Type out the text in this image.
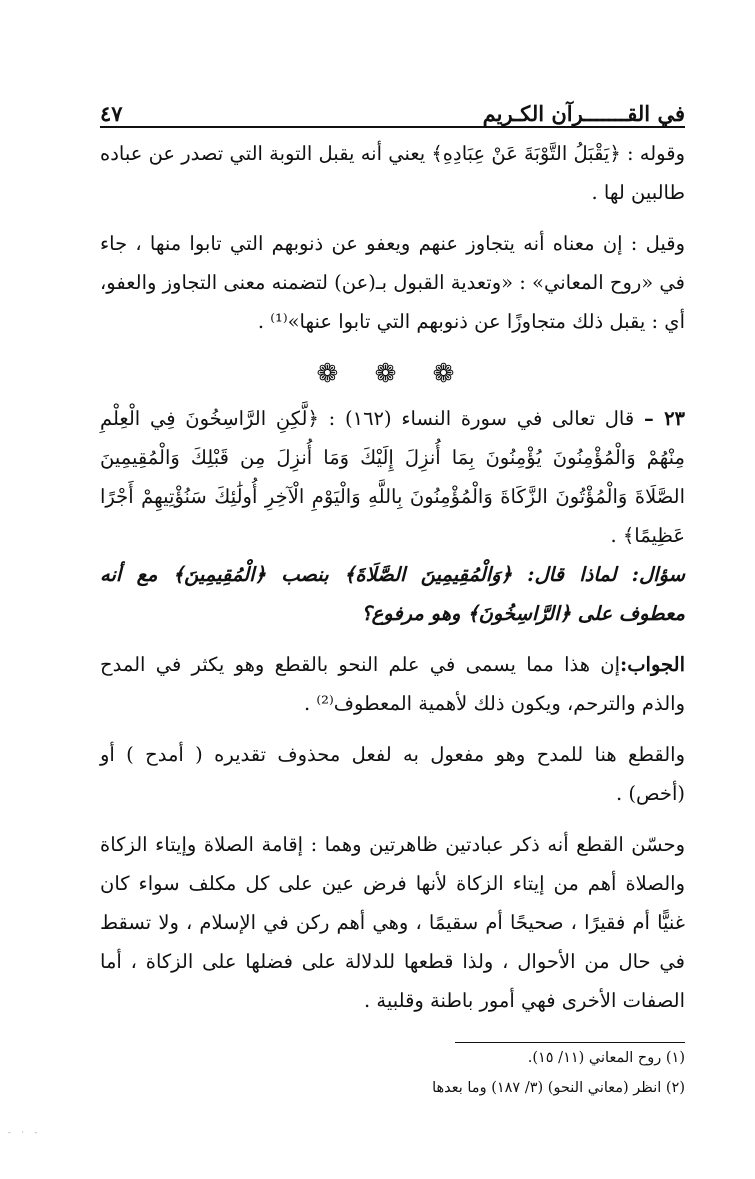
في القـــــــرآن الكـريم
٤٧

وقوله : ﴿يَقْبَلُ التَّوْبَةَ عَنْ عِبَادِهِ﴾ يعني أنه يقبل التوبة التي تصدر عن عباده طالبين لها .

وقيل : إن معناه أنه يتجاوز عنهم ويعفو عن ذنوبهم التي تابوا منها ، جاء في «روح المعاني» : «وتعدية القبول بـ(عن) لتضمنه معنى التجاوز والعفو، أي : يقبل ذلك متجاوزًا عن ذنوبهم التي تابوا عنها»⁽¹⁾ .

❁ ❁ ❁

٢٣ – قال تعالى في سورة النساء (١٦٢) : ﴿لَّكِنِ الرَّاسِخُونَ فِي الْعِلْمِ مِنْهُمْ وَالْمُؤْمِنُونَ يُؤْمِنُونَ بِمَا أُنزِلَ إِلَيْكَ وَمَا أُنزِلَ مِن قَبْلِكَ وَالْمُقِيمِينَ الصَّلَاةَ وَالْمُؤْتُونَ الزَّكَاةَ وَالْمُؤْمِنُونَ بِاللَّهِ وَالْيَوْمِ الْآخِرِ أُولَٰئِكَ سَنُؤْتِيهِمْ أَجْرًا عَظِيمًا﴾ .

سؤال: لماذا قال: ﴿وَالْمُقِيمِينَ الصَّلَاةَ﴾ بنصب ﴿الْمُقِيمِينَ﴾ مع أنه معطوف على ﴿الرَّاسِخُونَ﴾ وهو مرفوع؟

الجواب:إن هذا مما يسمى في علم النحو بالقطع وهو يكثر في المدح والذم والترحم، ويكون ذلك لأهمية المعطوف⁽²⁾ .

والقطع هنا للمدح وهو مفعول به لفعل محذوف تقديره ( أمدح ) أو (أخص) .

وحسّن القطع أنه ذكر عبادتين ظاهرتين وهما : إقامة الصلاة وإيتاء الزكاة والصلاة أهم من إيتاء الزكاة لأنها فرض عين على كل مكلف سواء كان غنيًّا أم فقيرًا ، صحيحًا أم سقيمًا ، وهي أهم ركن في الإسلام ، ولا تسقط في حال من الأحوال ، ولذا قطعها للدلالة على فضلها على الزكاة ، أما الصفات الأخرى فهي أمور باطنة وقلبية .

(١) روح المعاني (١١/ ١٥).

(٢) انظر (معاني النحو) (٣/ ١٨٧) وما بعدها

- · -
